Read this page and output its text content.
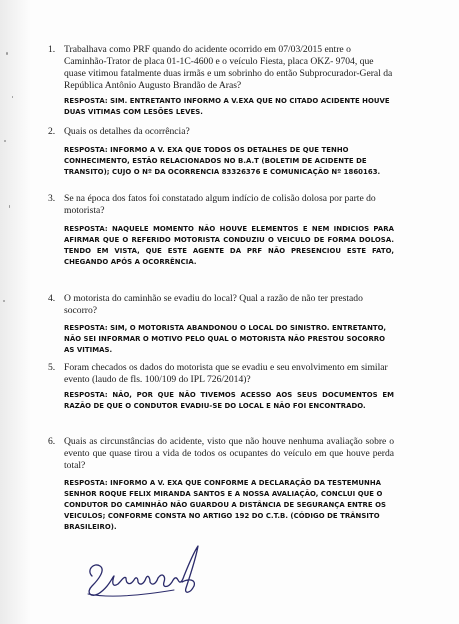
1. Trabalhava como PRF quando do acidente ocorrido em 07/03/2015 entre o Caminhão-Trator de placa 01-1C-4600 e o veículo Fiesta, placa OKZ- 9704, que quase vitimou fatalmente duas irmãs e um sobrinho do então Subprocurador-Geral da República Antônio Augusto Brandão de Aras?

RESPOSTA: SIM. ENTRETANTO INFORMO A V.EXA QUE NO CITADO ACIDENTE HOUVE DUAS VITIMAS COM LESÕES LEVES.

2. Quais os detalhes da ocorrência?

RESPOSTA: INFORMO A V. EXA QUE TODOS OS DETALHES DE QUE TENHO CONHECIMENTO, ESTÃO RELACIONADOS NO B.A.T (BOLETIM DE ACIDENTE DE TRANSITO); CUJO O Nº DA OCORRENCIA 83326376 E COMUNICAÇÃO Nº 1860163.

3. Se na época dos fatos foi constatado algum indício de colisão dolosa por parte do motorista?

RESPOSTA: NAQUELE MOMENTO NÃO HOUVE ELEMENTOS E NEM INDICIOS PARA AFIRMAR QUE O REFERIDO MOTORISTA CONDUZIU O VEICULO DE FORMA DOLOSA. TENDO EM VISTA, QUE ESTE AGENTE DA PRF NÃO PRESENCIOU ESTE FATO, CHEGANDO APÓS A OCORRÊNCIA.

4. O motorista do caminhão se evadiu do local? Qual a razão de não ter prestado socorro?

RESPOSTA: SIM, O MOTORISTA ABANDONOU O LOCAL DO SINISTRO. ENTRETANTO, NÃO SEI INFORMAR O MOTIVO PELO QUAL O MOTORISTA NÃO PRESTOU SOCORRO AS VITIMAS.

5. Foram checados os dados do motorista que se evadiu e seu envolvimento em similar evento (laudo de fls. 100/109 do IPL 726/2014)?

RESPOSTA: NÃO, POR QUE NÃO TIVEMOS ACESSO AOS SEUS DOCUMENTOS EM RAZÃO DE QUE O CONDUTOR EVADIU-SE DO LOCAL E NÃO FOI ENCONTRADO.

6. Quais as circunstâncias do acidente, visto que não houve nenhuma avaliação sobre o evento que quase tirou a vida de todos os ocupantes do veículo em que houve perda total?

RESPOSTA: INFORMO A V. EXA QUE CONFORME A DECLARAÇÃO DA TESTEMUNHA SENHOR ROQUE FELIX MIRANDA SANTOS E A NOSSA AVALIAÇÃO, CONCLUI QUE O CONDUTOR DO CAMINHÃO NÃO GUARDOU A DISTÂNCIA DE SEGURANÇA ENTRE OS VEICULOS; CONFORME CONSTA NO ARTIGO 192 DO C.T.B. (CÓDIGO DE TRÂNSITO BRASILEIRO).
